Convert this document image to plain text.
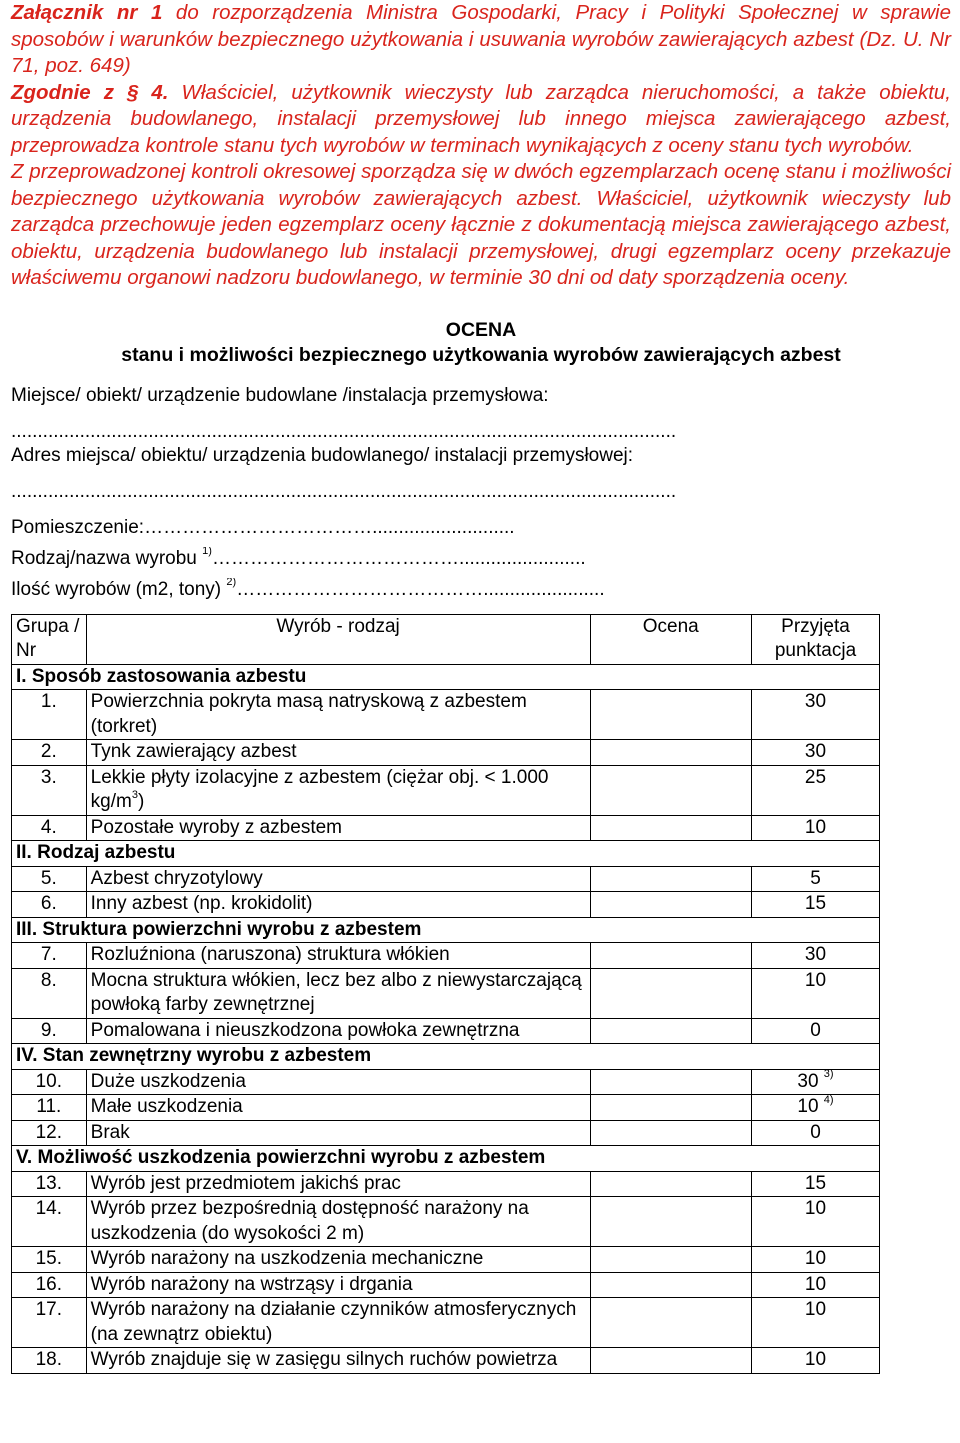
Załącznik nr 1 do rozporządzenia Ministra Gospodarki, Pracy i Polityki Społecznej w sprawie sposobów i warunków bezpiecznego użytkowania i usuwania wyrobów zawierających azbest (Dz. U. Nr 71, poz. 649)

Zgodnie z § 4. Właściciel, użytkownik wieczysty lub zarządca nieruchomości, a także obiektu, urządzenia budowlanego, instalacji przemysłowej lub innego miejsca zawierającego azbest, przeprowadza kontrole stanu tych wyrobów w terminach wynikających z oceny stanu tych wyrobów.

Z przeprowadzonej kontroli okresowej sporządza się w dwóch egzemplarzach ocenę stanu i możliwości bezpiecznego użytkowania wyrobów zawierających azbest. Właściciel, użytkownik wieczysty lub zarządca przechowuje jeden egzemplarz oceny łącznie z dokumentacją miejsca zawierającego azbest, obiektu, urządzenia budowlanego lub instalacji przemysłowej, drugi egzemplarz oceny przekazuje właściwemu organowi nadzoru budowlanego, w terminie 30 dni od daty sporządzenia oceny.

OCENA
stanu i możliwości bezpiecznego użytkowania wyrobów zawierających azbest
Miejsce/ obiekt/ urządzenie budowlane /instalacja przemysłowa:
..............................................................................................................................
Adres miejsca/ obiektu/ urządzenia budowlanego/ instalacji przemysłowej:
..............................................................................................................................
Pomieszczenie:………………………………...........................
Rodzaj/nazwa wyrobu $^{1)}$…………………………………........................
Ilość wyrobów (m2, tony) $^{2)}$………………………………….......................
Grupa / Nr	Wyrób - rodzaj	Ocena	Przyjęta punktacja
I. Sposób zastosowania azbestu			
1.	Powierzchnia pokryta masą natryskową z azbestem (torkret)		30
2.	Tynk zawierający azbest		30
3.	Lekkie płyty izolacyjne z azbestem (ciężar obj. < 1.000 $kg/m^3$)		25
4.	Pozostałe wyroby z azbestem		10
II. Rodzaj azbestu			
5.	Azbest chryzotylowy		5
6.	Inny azbest (np. krokidolit)		15
III. Struktura powierzchni wyrobu z azbestem			
7.	Rozluźniona (naruszona) struktura włókien		30
8.	Mocna struktura włókien, lecz bez albo z niewystarczającą powłoką farby zewnętrznej		10
9.	Pomalowana i nieuszkodzona powłoka zewnętrzna		0
IV. Stan zewnętrzny wyrobu z azbestem			
10.	Duże uszkodzenia		30 $^{3)}$
11.	Małe uszkodzenia		10 $^{4)}$
12.	Brak		0
V. Możliwość uszkodzenia powierzchni wyrobu z azbestem			
13.	Wyrób jest przedmiotem jakichś prac		15
14.	Wyrób przez bezpośrednią dostępność narażony na uszkodzenia (do wysokości 2 m)		10
15.	Wyrób narażony na uszkodzenia mechaniczne		10
16.	Wyrób narażony na wstrząsy i drgania		10
17.	Wyrób narażony na działanie czynników atmosferycznych (na zewnątrz obiektu)		10
18.	Wyrób znajduje się w zasięgu silnych ruchów powietrza		10
